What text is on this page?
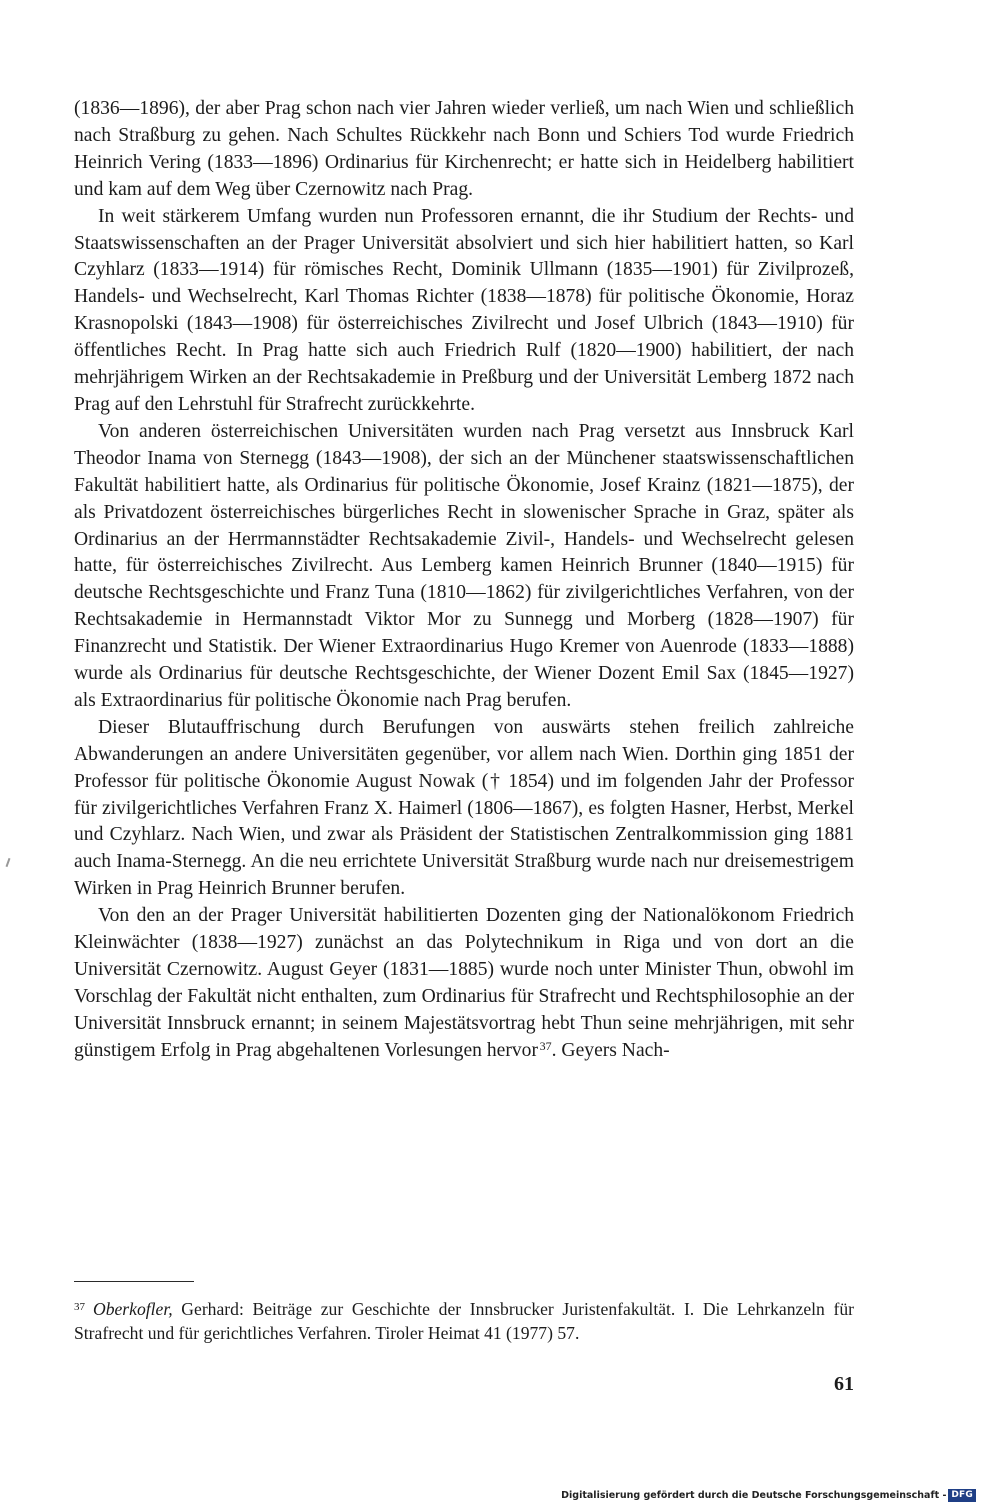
(1836—1896), der aber Prag schon nach vier Jahren wieder verließ, um nach Wien und schließlich nach Straßburg zu gehen. Nach Schultes Rückkehr nach Bonn und Schiers Tod wurde Friedrich Heinrich Vering (1833—1896) Ordinarius für Kirchenrecht; er hatte sich in Heidelberg habilitiert und kam auf dem Weg über Czernowitz nach Prag.

In weit stärkerem Umfang wurden nun Professoren ernannt, die ihr Studium der Rechts- und Staatswissenschaften an der Prager Universität absolviert und sich hier habilitiert hatten, so Karl Czyhlarz (1833—1914) für römisches Recht, Dominik Ullmann (1835—1901) für Zivilprozeß, Handels- und Wechselrecht, Karl Thomas Richter (1838—1878) für politische Ökonomie, Horaz Krasnopolski (1843—1908) für österreichisches Zivilrecht und Josef Ulbrich (1843—1910) für öffentliches Recht. In Prag hatte sich auch Friedrich Rulf (1820—1900) habilitiert, der nach mehrjährigem Wirken an der Rechtsakademie in Preßburg und der Universität Lemberg 1872 nach Prag auf den Lehrstuhl für Strafrecht zurückkehrte.

Von anderen österreichischen Universitäten wurden nach Prag versetzt aus Innsbruck Karl Theodor Inama von Sternegg (1843—1908), der sich an der Münchener staatswissenschaftlichen Fakultät habilitiert hatte, als Ordinarius für politische Ökonomie, Josef Krainz (1821—1875), der als Privatdozent österreichisches bürgerliches Recht in slowenischer Sprache in Graz, später als Ordinarius an der Herrmannstädter Rechtsakademie Zivil-, Handels- und Wechselrecht gelesen hatte, für österreichisches Zivilrecht. Aus Lemberg kamen Heinrich Brunner (1840—1915) für deutsche Rechtsgeschichte und Franz Tuna (1810—1862) für zivilgerichtliches Verfahren, von der Rechtsakademie in Hermannstadt Viktor Mor zu Sunnegg und Morberg (1828—1907) für Finanzrecht und Statistik. Der Wiener Extraordinarius Hugo Kremer von Auenrode (1833—1888) wurde als Ordinarius für deutsche Rechtsgeschichte, der Wiener Dozent Emil Sax (1845—1927) als Extraordinarius für politische Ökonomie nach Prag berufen.

Dieser Blutauffrischung durch Berufungen von auswärts stehen freilich zahlreiche Abwanderungen an andere Universitäten gegenüber, vor allem nach Wien. Dorthin ging 1851 der Professor für politische Ökonomie August Nowak († 1854) und im folgenden Jahr der Professor für zivilgerichtliches Verfahren Franz X. Haimerl (1806—1867), es folgten Hasner, Herbst, Merkel und Czyhlarz. Nach Wien, und zwar als Präsident der Statistischen Zentralkommission ging 1881 auch Inama-Sternegg. An die neu errichtete Universität Straßburg wurde nach nur dreisemestrigem Wirken in Prag Heinrich Brunner berufen.

Von den an der Prager Universität habilitierten Dozenten ging der Nationalökonom Friedrich Kleinwächter (1838—1927) zunächst an das Polytechnikum in Riga und von dort an die Universität Czernowitz. August Geyer (1831—1885) wurde noch unter Minister Thun, obwohl im Vorschlag der Fakultät nicht enthalten, zum Ordinarius für Strafrecht und Rechtsphilosophie an der Universität Innsbruck ernannt; in seinem Majestätsvortrag hebt Thun seine mehrjährigen, mit sehr günstigem Erfolg in Prag abgehaltenen Vorlesungen hervor  $^{37}$. Geyers Nach-

$^{37}$ Oberkofler, Gerhard: Beiträge zur Geschichte der Innsbrucker Juristenfakultät. I. Die Lehrkanzeln für Strafrecht und für gerichtliches Verfahren. Tiroler Heimat 41 (1977) 57.

61
Digitalisierung gefördert durch die Deutsche Forschungsgemeinschaft - DFG
